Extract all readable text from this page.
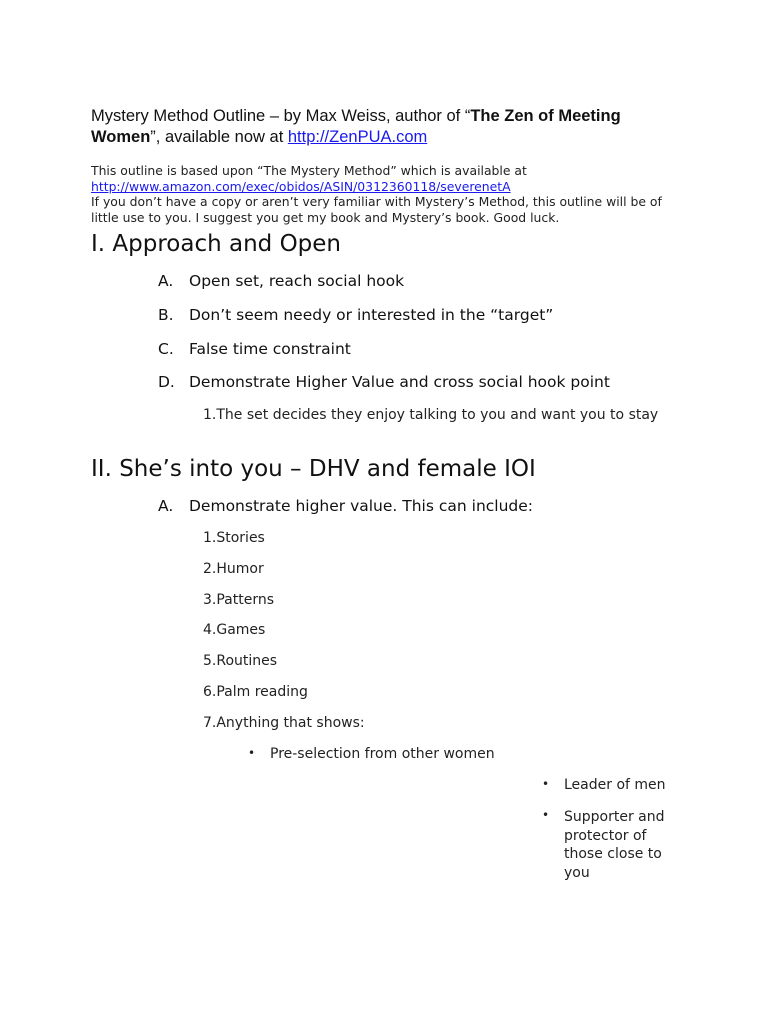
Mystery Method Outline – by Max Weiss, author of “The Zen of Meeting Women”, available now at http://ZenPUA.com
This outline is based upon “The Mystery Method” which is available at
http://www.amazon.com/exec/obidos/ASIN/0312360118/severenetA
If you don’t have a copy or aren’t very familiar with Mystery’s Method, this outline will be of little use to you. I suggest you get my book and Mystery’s book. Good luck.
I. Approach and Open
A. Open set, reach social hook
B. Don’t seem needy or interested in the “target”
C. False time constraint
D. Demonstrate Higher Value and cross social hook point
1.The set decides they enjoy talking to you and want you to stay
II. She’s into you – DHV and female IOI
A. Demonstrate higher value. This can include:
1.Stories
2.Humor
3.Patterns
4.Games
5.Routines
6.Palm reading
7.Anything that shows:
• Pre-selection from other women
• Leader of men
•	Supporter and protector of those close to you
